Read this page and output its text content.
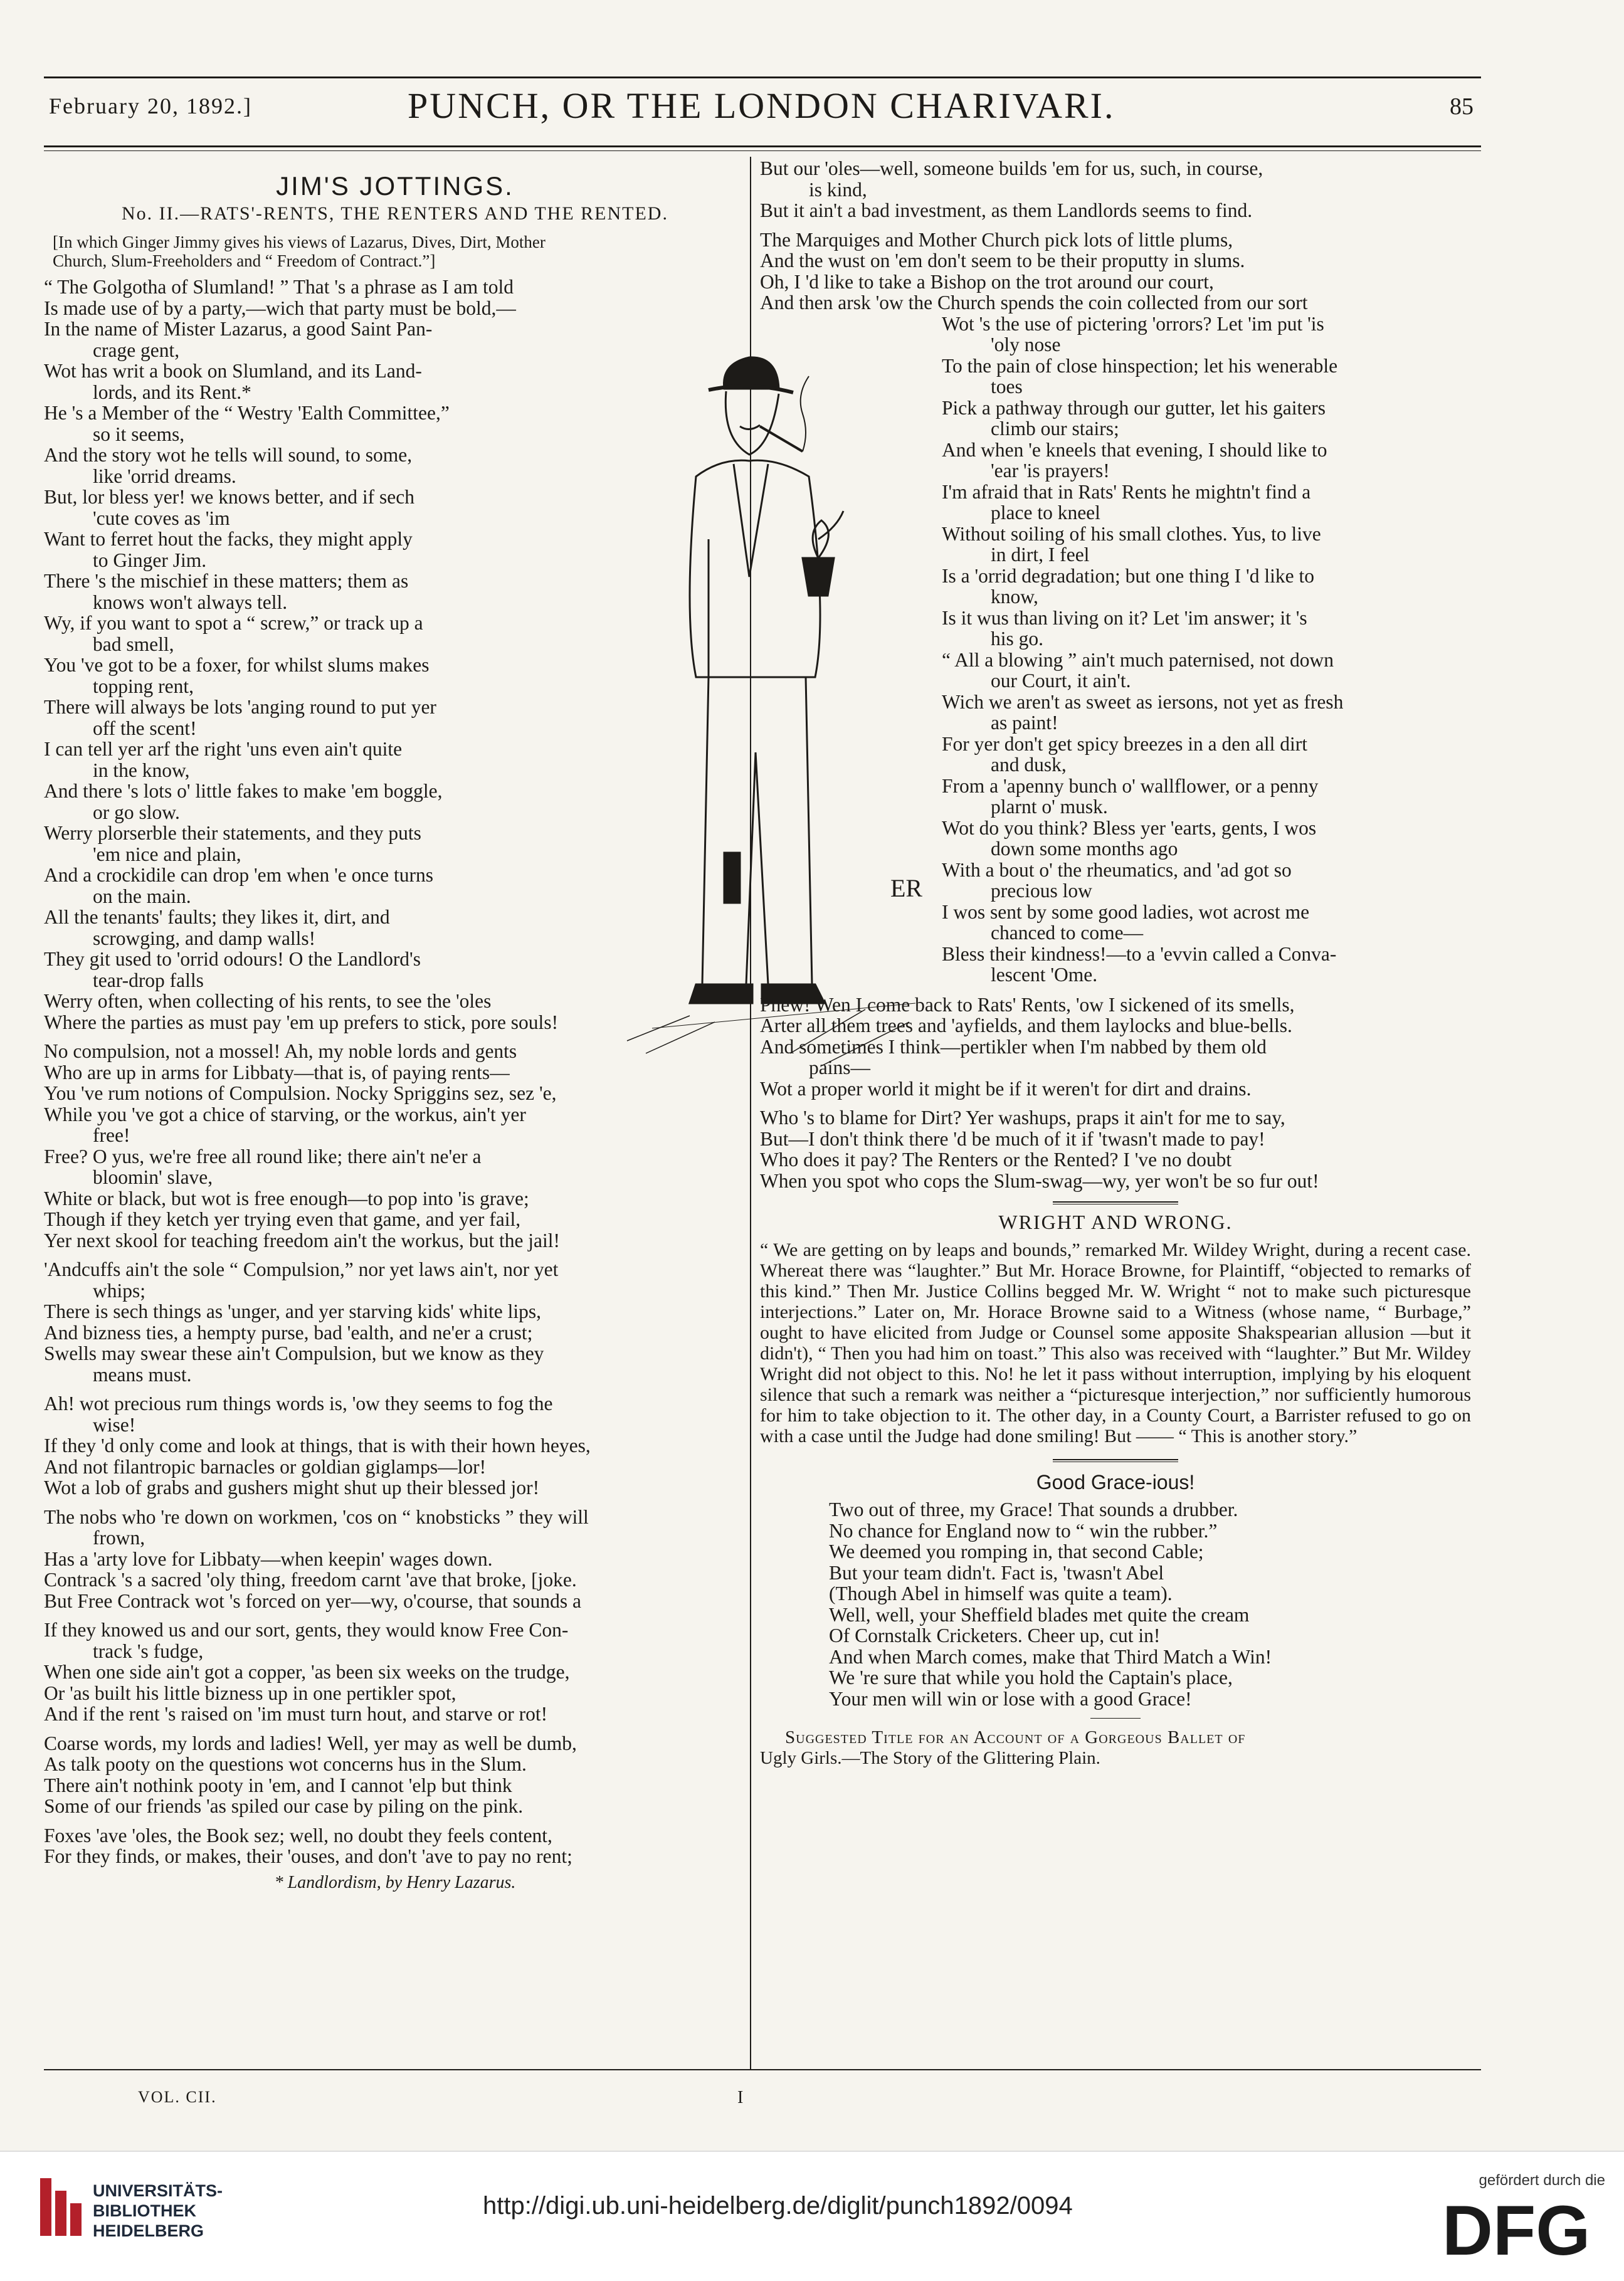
February 20, 1892.]	PUNCH, OR THE LONDON CHARIVARI.	85
JIM'S JOTTINGS.
No. II.—RATS'-RENTS, THE RENTERS AND THE RENTED.
[In which Ginger Jimmy gives his views of Lazarus, Dives, Dirt, Mother
Church, Slum-Freeholders and “ Freedom of Contract.”]
“ The Golgotha of Slumland! ” That 's a phrase as I am told
Is made use of by a party,—wich that party must be bold,—
In the name of Mister Lazarus, a good Saint Pan-
crage gent,
Wot has writ a book on Slumland, and its Land-
lords, and its Rent.*
He 's a Member of the “ Westry 'Ealth Committee,”
so it seems,
And the story wot he tells will sound, to some,
like 'orrid dreams.
But, lor bless yer! we knows better, and if sech
'cute coves as 'im
Want to ferret hout the facks, they might apply
to Ginger Jim.
There 's the mischief in these matters; them as
knows won't always tell.
Wy, if you want to spot a “ screw,” or track up a
bad smell,
You 've got to be a foxer, for whilst slums makes
topping rent,
There will always be lots 'anging round to put yer
off the scent!
I can tell yer arf the right 'uns even ain't quite
in the know,
And there 's lots o' little fakes to make 'em boggle,
or go slow.
Werry plorserble their statements, and they puts
'em nice and plain,
And a crockidile can drop 'em when 'e once turns
on the main.
All the tenants' faults; they likes it, dirt, and
scrowging, and damp walls!
They git used to 'orrid odours! O the Landlord's
tear-drop falls
Werry often, when collecting of his rents, to see the 'oles
Where the parties as must pay 'em up prefers to stick, pore souls!
No compulsion, not a mossel! Ah, my noble lords and gents
Who are up in arms for Libbaty—that is, of paying rents—
You 've rum notions of Compulsion. Nocky Spriggins sez, sez 'e,
While you 've got a chice of starving, or the workus, ain't yer
free!
Free? O yus, we're free all round like; there ain't ne'er a
bloomin' slave,
White or black, but wot is free enough—to pop into 'is grave;
Though if they ketch yer trying even that game, and yer fail,
Yer next skool for teaching freedom ain't the workus, but the jail!
'Andcuffs ain't the sole “ Compulsion,” nor yet laws ain't, nor yet
whips;
There is sech things as 'unger, and yer starving kids' white lips,
And bizness ties, a hempty purse, bad 'ealth, and ne'er a crust;
Swells may swear these ain't Compulsion, but we know as they
means must.
Ah! wot precious rum things words is, 'ow they seems to fog the
wise!
If they 'd only come and look at things, that is with their hown heyes,
And not filantropic barnacles or goldian giglamps—lor!
Wot a lob of grabs and gushers might shut up their blessed jor!
The nobs who 're down on workmen, 'cos on “ knobsticks ” they will
frown,
Has a 'arty love for Libbaty—when keepin' wages down.
Contrack 's a sacred 'oly thing, freedom carnt 'ave that broke, [joke.
But Free Contrack wot 's forced on yer—wy, o'course, that sounds a
If they knowed us and our sort, gents, they would know Free Con-
track 's fudge,
When one side ain't got a copper, 'as been six weeks on the trudge,
Or 'as built his little bizness up in one pertikler spot,
And if the rent 's raised on 'im must turn hout, and starve or rot!
Coarse words, my lords and ladies! Well, yer may as well be dumb,
As talk pooty on the questions wot concerns hus in the Slum.
There ain't nothink pooty in 'em, and I cannot 'elp but think
Some of our friends 'as spiled our case by piling on the pink.
Foxes 'ave 'oles, the Book sez; well, no doubt they feels content,
For they finds, or makes, their 'ouses, and don't 'ave to pay no rent;
* Landlordism, by Henry Lazarus.
ER
But our 'oles—well, someone builds 'em for us, such, in course,
is kind,
But it ain't a bad investment, as them Landlords seems to find.
The Marquiges and Mother Church pick lots of little plums,
And the wust on 'em don't seem to be their proputty in slums.
Oh, I 'd like to take a Bishop on the trot around our court,
And then arsk 'ow the Church spends the coin collected from our sort
Wot 's the use of pictering 'orrors? Let 'im put 'is
'oly nose
To the pain of close hinspection; let his wenerable
toes
Pick a pathway through our gutter, let his gaiters
climb our stairs;
And when 'e kneels that evening, I should like to
'ear 'is prayers!
I'm afraid that in Rats' Rents he mightn't find a
place to kneel
Without soiling of his small clothes. Yus, to live
in dirt, I feel
Is a 'orrid degradation; but one thing I 'd like to
know,
Is it wus than living on it? Let 'im answer; it 's
his go.
“ All a blowing ” ain't much paternised, not down
our Court, it ain't.
Wich we aren't as sweet as iersons, not yet as fresh
as paint!
For yer don't get spicy breezes in a den all dirt
and dusk,
From a 'apenny bunch o' wallflower, or a penny
plarnt o' musk.
Wot do you think? Bless yer 'earts, gents, I wos
down some months ago
With a bout o' the rheumatics, and 'ad got so
precious low
I wos sent by some good ladies, wot acrost me
chanced to come—
Bless their kindness!—to a 'evvin called a Conva-
lescent 'Ome.
Phew! Wen I come back to Rats' Rents, 'ow I sickened of its smells,
Arter all them trees and 'ayfields, and them laylocks and blue-bells.
And sometimes I think—pertikler when I'm nabbed by them old
pains—
Wot a proper world it might be if it weren't for dirt and drains.
Who 's to blame for Dirt? Yer washups, praps it ain't for me to say,
But—I don't think there 'd be much of it if 'twasn't made to pay!
Who does it pay? The Renters or the Rented? I 've no doubt
When you spot who cops the Slum-swag—wy, yer won't be so fur out!
WRIGHT AND WRONG.
“ We are getting on by leaps and bounds,” remarked Mr. Wildey Wright, during a recent case. Whereat there was “laughter.” But Mr. Horace Browne, for Plaintiff, “objected to remarks of this kind.” Then Mr. Justice Collins begged Mr. W. Wright “ not to make such picturesque interjections.” Later on, Mr. Horace Browne said to a Witness (whose name, “ Burbage,” ought to have elicited from Judge or Counsel some apposite Shakspearian allusion —but it didn't), “ Then you had him on toast.” This also was received with “laughter.” But Mr. Wildey Wright did not object to this. No! he let it pass without interruption, implying by his eloquent silence that such a remark was neither a “picturesque interjection,” nor sufficiently humorous for him to take objection to it. The other day, in a County Court, a Barrister refused to go on with a case until the Judge had done smiling! But —— “ This is another story.”
Good Grace-ious!
Two out of three, my Grace! That sounds a drubber.
No chance for England now to “ win the rubber.”
We deemed you romping in, that second Cable;
But your team didn't. Fact is, 'twasn't Abel
(Though Abel in himself was quite a team).
Well, well, your Sheffield blades met quite the cream
Of Cornstalk Cricketers. Cheer up, cut in!
And when March comes, make that Third Match a Win!
We 're sure that while you hold the Captain's place,
Your men will win or lose with a good Grace!
Suggested Title for an Account of a Gorgeous Ballet of
Ugly Girls.—The Story of the Glittering Plain.
VOL. CII.	I
UNIVERSITÄTS-
BIBLIOTHEK
HEIDELBERG
http://digi.ub.uni-heidelberg.de/diglit/punch1892/0094
gefördert durch die
DFG
